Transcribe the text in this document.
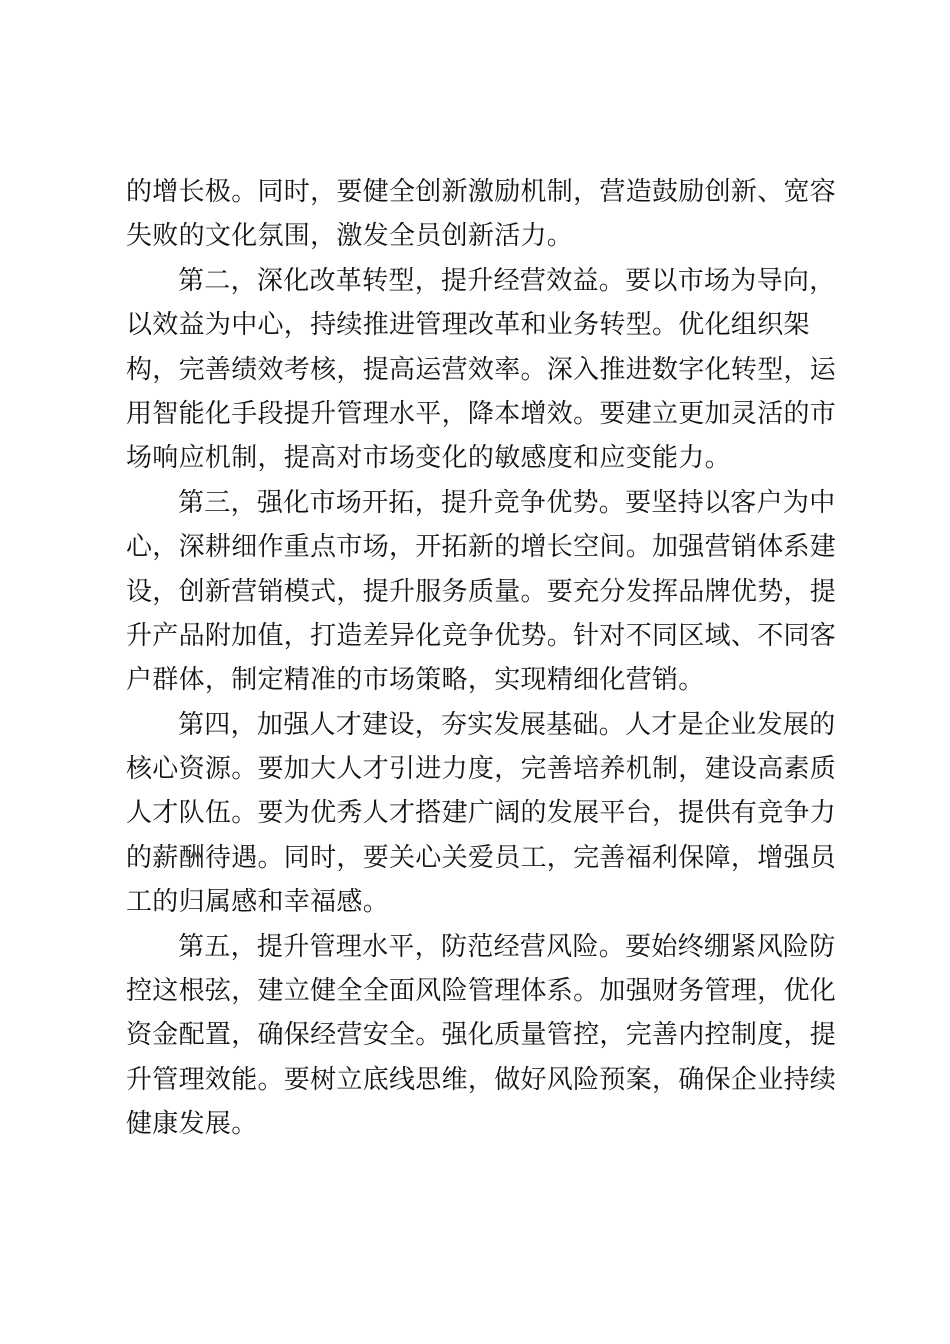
的增长极。同时，要健全创新激励机制，营造鼓励创新、宽容
失败的文化氛围，激发全员创新活力。
第二，深化改革转型，提升经营效益。要以市场为导向，
以效益为中心，持续推进管理改革和业务转型。优化组织架
构，完善绩效考核，提高运营效率。深入推进数字化转型，运
用智能化手段提升管理水平，降本增效。要建立更加灵活的市
场响应机制，提高对市场变化的敏感度和应变能力。
第三，强化市场开拓，提升竞争优势。要坚持以客户为中
心，深耕细作重点市场，开拓新的增长空间。加强营销体系建
设，创新营销模式，提升服务质量。要充分发挥品牌优势，提
升产品附加值，打造差异化竞争优势。针对不同区域、不同客
户群体，制定精准的市场策略，实现精细化营销。
第四，加强人才建设，夯实发展基础。人才是企业发展的
核心资源。要加大人才引进力度，完善培养机制，建设高素质
人才队伍。要为优秀人才搭建广阔的发展平台，提供有竞争力
的薪酬待遇。同时，要关心关爱员工，完善福利保障，增强员
工的归属感和幸福感。
第五，提升管理水平，防范经营风险。要始终绷紧风险防
控这根弦，建立健全全面风险管理体系。加强财务管理，优化
资金配置，确保经营安全。强化质量管控，完善内控制度，提
升管理效能。要树立底线思维，做好风险预案，确保企业持续
健康发展。
